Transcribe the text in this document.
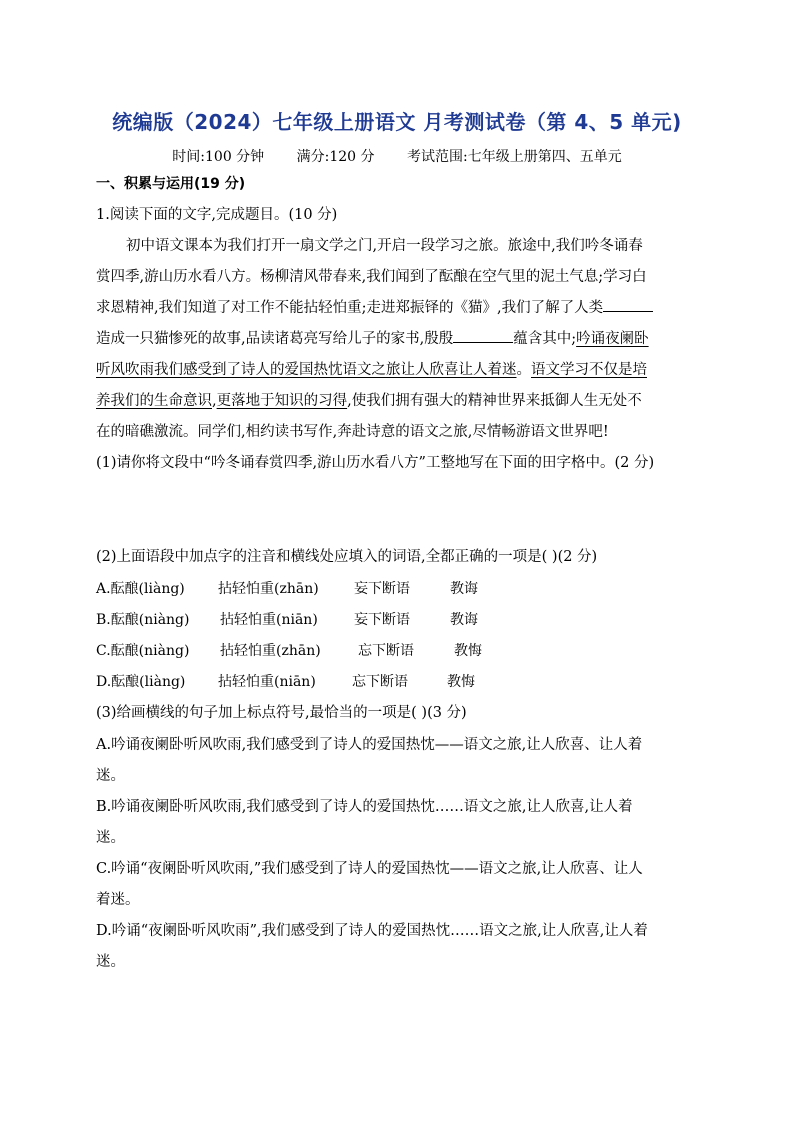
统编版（2024）七年级上册语文 月考测试卷（第 4、5 单元)
时间:100 分钟 满分:120 分 考试范围:七年级上册第四、五单元
一、积累与运用(19 分)
1.阅读下面的文字,完成题目。(10 分)
初中语文课本为我们打开一扇文学之门,开启一段学习之旅。旅途中,我们吟冬诵春
赏四季,游山历水看八方。杨柳清风带春来,我们闻到了酝酿在空气里的泥土气息;学习白
求恩精神,我们知道了对工作不能拈轻怕重;走进郑振铎的《猫》,我们了解了人类
造成一只猫惨死的故事,品读诸葛亮写给儿子的家书,殷殷	蕴含其中;吟诵夜阑卧
听风吹雨我们感受到了诗人的爱国热忱语文之旅让人欣喜让人着迷。语文学习不仅是培
养我们的生命意识,更落地于知识的习得,使我们拥有强大的精神世界来抵御人生无处不
在的暗礁激流。同学们,相约读书写作,奔赴诗意的语文之旅,尽情畅游语文世界吧!
(1)请你将文段中“吟冬诵春赏四季,游山历水看八方”工整地写在下面的田字格中。(2 分)
(2)上面语段中加点字的注音和横线处应填入的词语,全都正确的一项是( )(2 分)
A.酝酿(liàng) 拈轻怕重(zhān)	妄下断语	教诲
B.酝酿(niàng) 拈轻怕重(niān)	妄下断语	教诲
C.酝酿(niàng) 拈轻怕重(zhān)	忘下断语	教悔
D.酝酿(liàng) 拈轻怕重(niān)	忘下断语	教悔
(3)给画横线的句子加上标点符号,最恰当的一项是( )(3 分)
A.吟诵夜阑卧听风吹雨,我们感受到了诗人的爱国热忱——语文之旅,让人欣喜、让人着
迷。
B.吟诵夜阑卧听风吹雨,我们感受到了诗人的爱国热忱……语文之旅,让人欣喜,让人着
迷。
C.吟诵“夜阑卧听风吹雨,”我们感受到了诗人的爱国热忱——语文之旅,让人欣喜、让人
着迷。
D.吟诵“夜阑卧听风吹雨”,我们感受到了诗人的爱国热忱……语文之旅,让人欣喜,让人着
迷。
